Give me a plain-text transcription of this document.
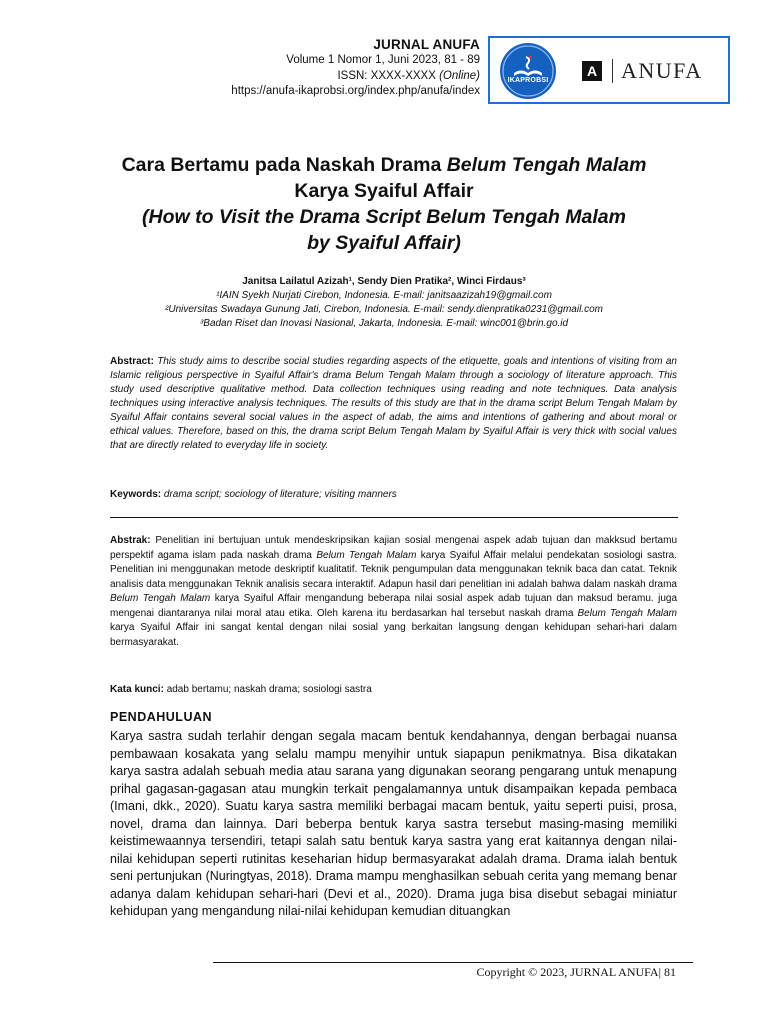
JURNAL ANUFA
Volume 1 Nomor 1, Juni 2023, 81 - 89
ISSN: XXXX-XXXX (Online)
https://anufa-ikaprobsi.org/index.php/anufa/index
IKAPROBSI
A ANUFA

Cara Bertamu pada Naskah Drama Belum Tengah Malam

Karya Syaiful Affair

(How to Visit the Drama Script Belum Tengah Malam

by Syaiful Affair)

Janitsa Lailatul Azizah¹, Sendy Dien Pratika², Winci Firdaus³
¹IAIN Syekh Nurjati Cirebon, Indonesia. E-mail: janitsaazizah19@gmail.com
²Universitas Swadaya Gunung Jati, Cirebon, Indonesia. E-mail: sendy.dienpratika0231@gmail.com
³Badan Riset dan Inovasi Nasional, Jakarta, Indonesia. E-mail: winc001@brin.go.id

Abstract: This study aims to describe social studies regarding aspects of the etiquette, goals and intentions of visiting from an Islamic religious perspective in Syaiful Affair's drama Belum Tengah Malam through a sociology of literature approach. This study used descriptive qualitative method. Data collection techniques using reading and note techniques. Data analysis techniques using interactive analysis techniques. The results of this study are that in the drama script Belum Tengah Malam by Syaiful Affair contains several social values in the aspect of adab, the aims and intentions of gathering and about moral or ethical values. Therefore, based on this, the drama script Belum Tengah Malam by Syaiful Affair is very thick with social values that are directly related to everyday life in society.

Keywords: drama script; sociology of literature; visiting manners

Abstrak: Penelitian ini bertujuan untuk mendeskripsikan kajian sosial mengenai aspek adab tujuan dan makksud bertamu perspektif agama islam pada naskah drama Belum Tengah Malam karya Syaiful Affair melalui pendekatan sosiologi sastra. Penelitian ini menggunakan metode deskriptif kualitatif. Teknik pengumpulan data menggunakan teknik baca dan catat. Teknik analisis data menggunakan Teknik analisis secara interaktif. Adapun hasil dari penelitian ini adalah bahwa dalam naskah drama Belum Tengah Malam karya Syaiful Affair mengandung beberapa nilai sosial aspek adab tujuan dan maksud beramu. juga mengenai diantaranya nilai moral atau etika. Oleh karena itu berdasarkan hal tersebut naskah drama Belum Tengah Malam karya Syaiful Affair ini sangat kental dengan nilai sosial yang berkaitan langsung dengan kehidupan sehari-hari dalam bermasyarakat.

Kata kunci: adab bertamu; naskah drama; sosiologi sastra

PENDAHULUAN

Karya sastra sudah terlahir dengan segala macam bentuk kendahannya, dengan berbagai nuansa pembawaan kosakata yang selalu mampu menyihir untuk siapapun penikmatnya. Bisa dikatakan karya sastra adalah sebuah media atau sarana yang digunakan seorang pengarang untuk menapung prihal gagasan-gagasan atau mungkin terkait pengalamannya untuk disampaikan kepada pembaca (Imani, dkk., 2020). Suatu karya sastra memiliki berbagai macam bentuk, yaitu seperti puisi, prosa, novel, drama dan lainnya. Dari beberpa bentuk karya sastra tersebut masing-masing memiliki keistimewaannya tersendiri, tetapi salah satu bentuk karya sastra yang erat kaitannya dengan nilai-nilai kehidupan seperti rutinitas keseharian hidup bermasyarakat adalah drama. Drama ialah bentuk seni pertunjukan (Nuringtyas, 2018). Drama mampu menghasilkan sebuah cerita yang memang benar adanya dalam kehidupan sehari-hari (Devi et al., 2020). Drama juga bisa disebut sebagai miniatur kehidupan yang mengandung nilai-nilai kehidupan kemudian dituangkan

Copyright © 2023, JURNAL ANUFA| 81
